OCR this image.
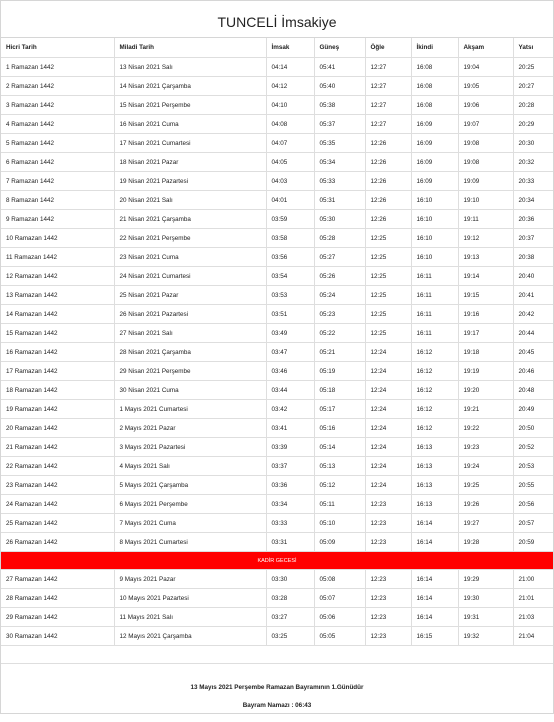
TUNCELİ İmsakiye
Hicri Tarih	Miladi Tarih	İmsak	Güneş	Öğle	İkindi	Akşam	Yatsı
1 Ramazan 1442	13 Nisan 2021 Salı	04:14	05:41	12:27	16:08	19:04	20:25
2 Ramazan 1442	14 Nisan 2021 Çarşamba	04:12	05:40	12:27	16:08	19:05	20:27
3 Ramazan 1442	15 Nisan 2021 Perşembe	04:10	05:38	12:27	16:08	19:06	20:28
4 Ramazan 1442	16 Nisan 2021 Cuma	04:08	05:37	12:27	16:09	19:07	20:29
5 Ramazan 1442	17 Nisan 2021 Cumartesi	04:07	05:35	12:26	16:09	19:08	20:30
6 Ramazan 1442	18 Nisan 2021 Pazar	04:05	05:34	12:26	16:09	19:08	20:32
7 Ramazan 1442	19 Nisan 2021 Pazartesi	04:03	05:33	12:26	16:09	19:09	20:33
8 Ramazan 1442	20 Nisan 2021 Salı	04:01	05:31	12:26	16:10	19:10	20:34
9 Ramazan 1442	21 Nisan 2021 Çarşamba	03:59	05:30	12:26	16:10	19:11	20:36
10 Ramazan 1442	22 Nisan 2021 Perşembe	03:58	05:28	12:25	16:10	19:12	20:37
11 Ramazan 1442	23 Nisan 2021 Cuma	03:56	05:27	12:25	16:10	19:13	20:38
12 Ramazan 1442	24 Nisan 2021 Cumartesi	03:54	05:26	12:25	16:11	19:14	20:40
13 Ramazan 1442	25 Nisan 2021 Pazar	03:53	05:24	12:25	16:11	19:15	20:41
14 Ramazan 1442	26 Nisan 2021 Pazartesi	03:51	05:23	12:25	16:11	19:16	20:42
15 Ramazan 1442	27 Nisan 2021 Salı	03:49	05:22	12:25	16:11	19:17	20:44
16 Ramazan 1442	28 Nisan 2021 Çarşamba	03:47	05:21	12:24	16:12	19:18	20:45
17 Ramazan 1442	29 Nisan 2021 Perşembe	03:46	05:19	12:24	16:12	19:19	20:46
18 Ramazan 1442	30 Nisan 2021 Cuma	03:44	05:18	12:24	16:12	19:20	20:48
19 Ramazan 1442	1 Mayıs 2021 Cumartesi	03:42	05:17	12:24	16:12	19:21	20:49
20 Ramazan 1442	2 Mayıs 2021 Pazar	03:41	05:16	12:24	16:12	19:22	20:50
21 Ramazan 1442	3 Mayıs 2021 Pazartesi	03:39	05:14	12:24	16:13	19:23	20:52
22 Ramazan 1442	4 Mayıs 2021 Salı	03:37	05:13	12:24	16:13	19:24	20:53
23 Ramazan 1442	5 Mayıs 2021 Çarşamba	03:36	05:12	12:24	16:13	19:25	20:55
24 Ramazan 1442	6 Mayıs 2021 Perşembe	03:34	05:11	12:23	16:13	19:26	20:56
25 Ramazan 1442	7 Mayıs 2021 Cuma	03:33	05:10	12:23	16:14	19:27	20:57
26 Ramazan 1442	8 Mayıs 2021 Cumartesi	03:31	05:09	12:23	16:14	19:28	20:59
KADİR GECESİ							
27 Ramazan 1442	9 Mayıs 2021 Pazar	03:30	05:08	12:23	16:14	19:29	21:00
28 Ramazan 1442	10 Mayıs 2021 Pazartesi	03:28	05:07	12:23	16:14	19:30	21:01
29 Ramazan 1442	11 Mayıs 2021 Salı	03:27	05:06	12:23	16:14	19:31	21:03
30 Ramazan 1442	12 Mayıs 2021 Çarşamba	03:25	05:05	12:23	16:15	19:32	21:04
13 Mayıs 2021 Perşembe Ramazan Bayramının 1.Günüdür
Bayram Namazı : 06:43
